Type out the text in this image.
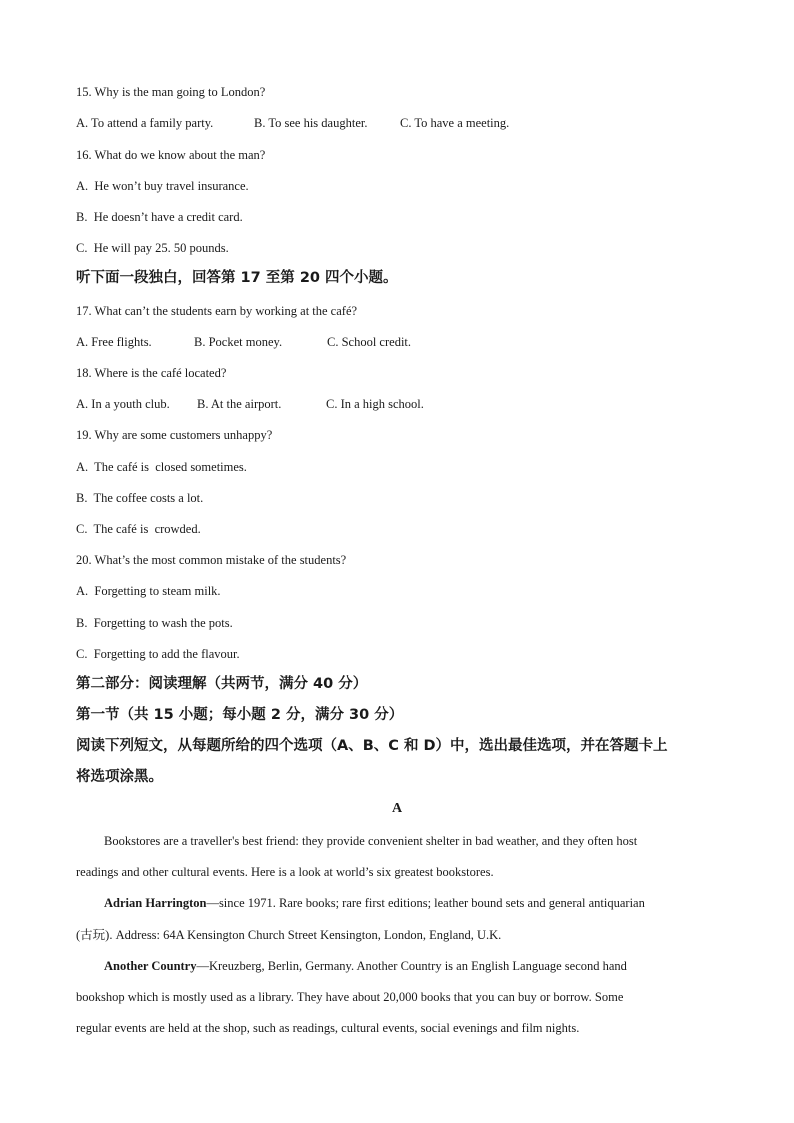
15. Why is the man going to London?
A. To attend a family party.	B. To see his daughter.	C. To have a meeting.
16. What do we know about the man?
A.  He won’t buy travel insurance.
B.  He doesn’t have a credit card.
C.  He will pay 25. 50 pounds.
听下面一段独白，回答第 17 至第 20 四个小题。
17. What can’t the students earn by working at the café?
A. Free flights.	B. Pocket money.	C. School credit.
18. Where is the café located?
A. In a youth club. B. At the airport.	C. In a high school.
19. Why are some customers unhappy?
A.  The café is  closed sometimes.
B.  The coffee costs a lot.
C.  The café is  crowded.
20. What’s the most common mistake of the students?
A.  Forgetting to steam milk.
B.  Forgetting to wash the pots.
C.  Forgetting to add the flavour.
第二部分：阅读理解（共两节，满分 40 分）
第一节（共 15 小题；每小题 2 分，满分 30 分）
阅读下列短文，从每题所给的四个选项（A、B、C 和 D）中，选出最佳选项，并在答题卡上
将选项涂黑。
A
Bookstores are a traveller's best friend: they provide convenient shelter in bad weather, and they often host
readings and other cultural events. Here is a look at world’s six greatest bookstores.
Adrian Harrington—since 1971. Rare books; rare first editions; leather bound sets and general antiquarian
(古玩). Address: 64A Kensington Church Street Kensington, London, England, U.K.
Another Country—Kreuzberg, Berlin, Germany. Another Country is an English Language second hand
bookshop which is mostly used as a library. They have about 20,000 books that you can buy or borrow. Some
regular events are held at the shop, such as readings, cultural events, social evenings and film nights.
